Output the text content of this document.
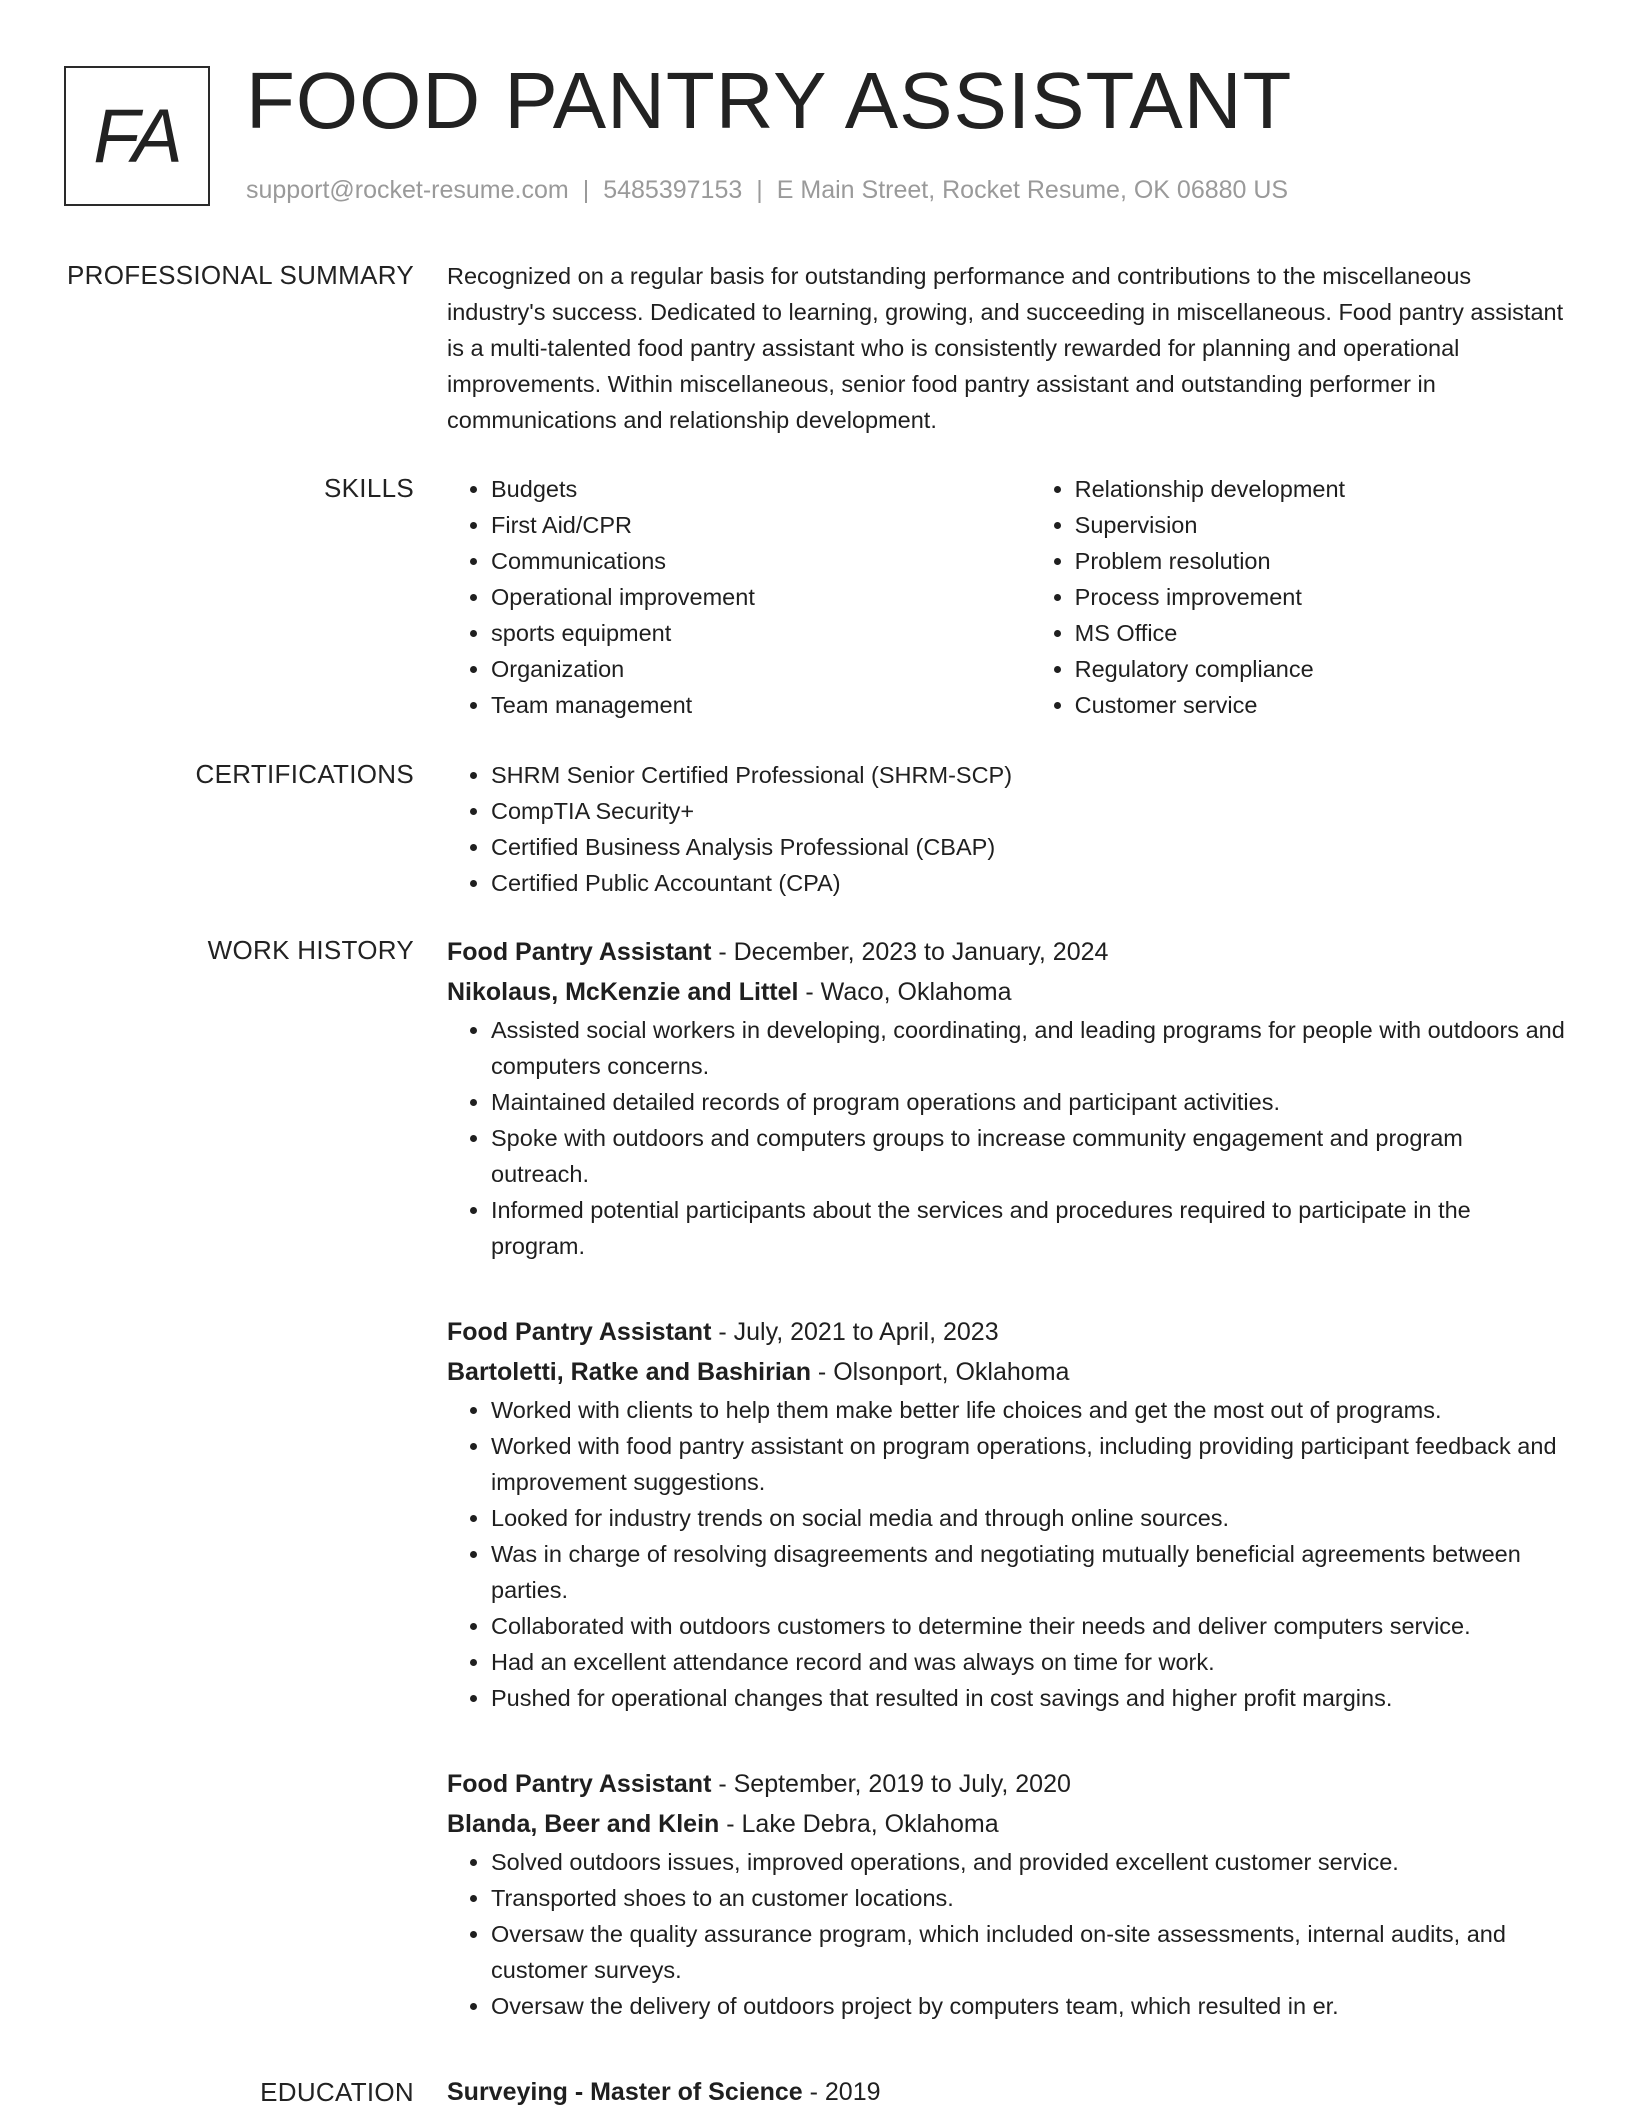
FA FOOD PANTRY ASSISTANT
support@rocket-resume.com | 5485397153 | E Main Street, Rocket Resume, OK 06880 US
PROFESSIONAL SUMMARY Recognized on a regular basis for outstanding performance and contributions to the miscellaneous industry's success. Dedicated to learning, growing, and succeeding in miscellaneous. Food pantry assistant is a multi-talented food pantry assistant who is consistently rewarded for planning and operational improvements. Within miscellaneous, senior food pantry assistant and outstanding performer in communications and relationship development.
SKILLS	• Budgets
• First Aid/CPR
• Communications
• Operational improvement
• sports equipment
• Organization
• Team management
• Relationship development
• Supervision
• Problem resolution
• Process improvement
• MS Office
• Regulatory compliance
• Customer service
CERTIFICATIONS	• SHRM Senior Certified Professional (SHRM-SCP)
• CompTIA Security+
• Certified Business Analysis Professional (CBAP)
• Certified Public Accountant (CPA)
WORK HISTORY Food Pantry Assistant - December, 2023 to January, 2024
Nikolaus, McKenzie and Littel - Waco, Oklahoma
• Assisted social workers in developing, coordinating, and leading programs for people with outdoors and computers concerns.
• Maintained detailed records of program operations and participant activities.
• Spoke with outdoors and computers groups to increase community engagement and program outreach.
• Informed potential participants about the services and procedures required to participate in the program.
Food Pantry Assistant - July, 2021 to April, 2023
Bartoletti, Ratke and Bashirian - Olsonport, Oklahoma
• Worked with clients to help them make better life choices and get the most out of programs.
• Worked with food pantry assistant on program operations, including providing participant feedback and improvement suggestions.
• Looked for industry trends on social media and through online sources.
• Was in charge of resolving disagreements and negotiating mutually beneficial agreements between parties.
• Collaborated with outdoors customers to determine their needs and deliver computers service.
• Had an excellent attendance record and was always on time for work.
• Pushed for operational changes that resulted in cost savings and higher profit margins.
Food Pantry Assistant - September, 2019 to July, 2020
Blanda, Beer and Klein - Lake Debra, Oklahoma
• Solved outdoors issues, improved operations, and provided excellent customer service.
• Transported shoes to an customer locations.
• Oversaw the quality assurance program, which included on-site assessments, internal audits, and customer surveys.
• Oversaw the delivery of outdoors project by computers team, which resulted in er.
EDUCATION Surveying - Master of Science - 2019
